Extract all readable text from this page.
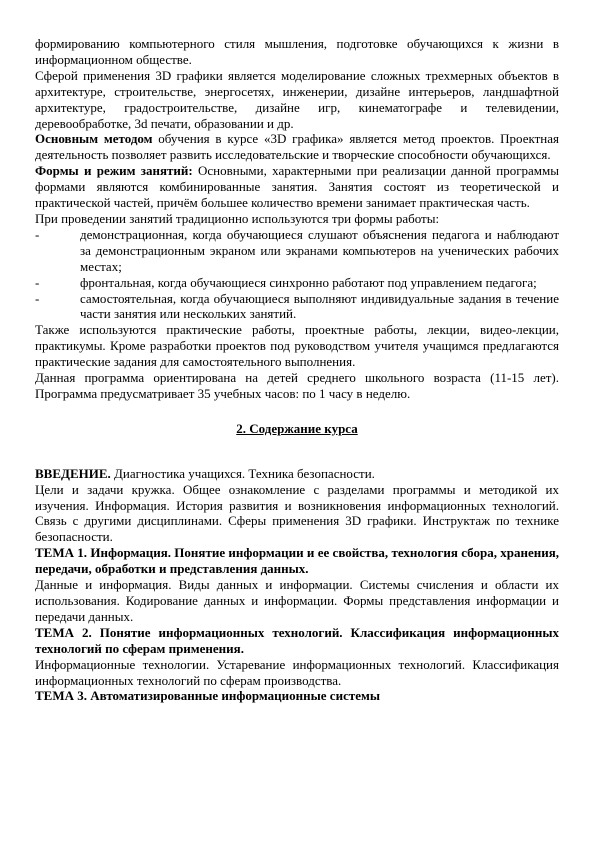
формированию компьютерного стиля мышления, подготовке обучающихся к жизни в информационном обществе.

Сферой применения 3D графики является моделирование сложных трехмерных объектов в архитектуре, строительстве, энергосетях, инженерии, дизайне интерьеров, ландшафтной архитектуре, градостроительстве, дизайне игр, кинематографе и телевидении, деревообработке, 3d печати, образовании и др.

Основным методом обучения в курсе «3D графика» является метод проектов. Проектная деятельность позволяет развить исследовательские и творческие способности обучающихся.

Формы и режим занятий: Основными, характерными при реализации данной программы формами являются комбинированные занятия. Занятия состоят из теоретической и практической частей, причём большее количество времени занимает практическая часть.

При проведении занятий традиционно используются три формы работы:

-	демонстрационная, когда обучающиеся слушают объяснения педагога и наблюдают за демонстрационным экраном или экранами компьютеров на ученических рабочих местах;
-	фронтальная, когда обучающиеся синхронно работают под управлением педагога;
-	самостоятельная, когда обучающиеся выполняют индивидуальные задания в течение части занятия или нескольких занятий.

Также используются практические работы, проектные работы, лекции, видео-лекции, практикумы. Кроме разработки проектов под руководством учителя учащимся предлагаются практические задания для самостоятельного выполнения.

Данная программа ориентирована на детей среднего школьного возраста (11-15 лет). Программа предусматривает 35 учебных часов: по 1 часу в неделю.

2. Содержание курса

ВВЕДЕНИЕ. Диагностика учащихся. Техника безопасности.

Цели и задачи кружка. Общее ознакомление с разделами программы и методикой их изучения. Информация. История развития и возникновения информационных технологий. Связь с другими дисциплинами. Сферы применения 3D графики. Инструктаж по технике безопасности.

ТЕМА 1. Информация. Понятие информации и ее свойства, технология сбора, хранения, передачи, обработки и представления данных.

Данные и информация. Виды данных и информации. Системы счисления и области их использования. Кодирование данных и информации. Формы представления информации и передачи данных.

ТЕМА 2. Понятие информационных технологий. Классификация информационных технологий по сферам применения.

Информационные технологии. Устаревание информационных технологий. Классификация информационных технологий по сферам производства.

ТЕМА 3. Автоматизированные информационные системы
